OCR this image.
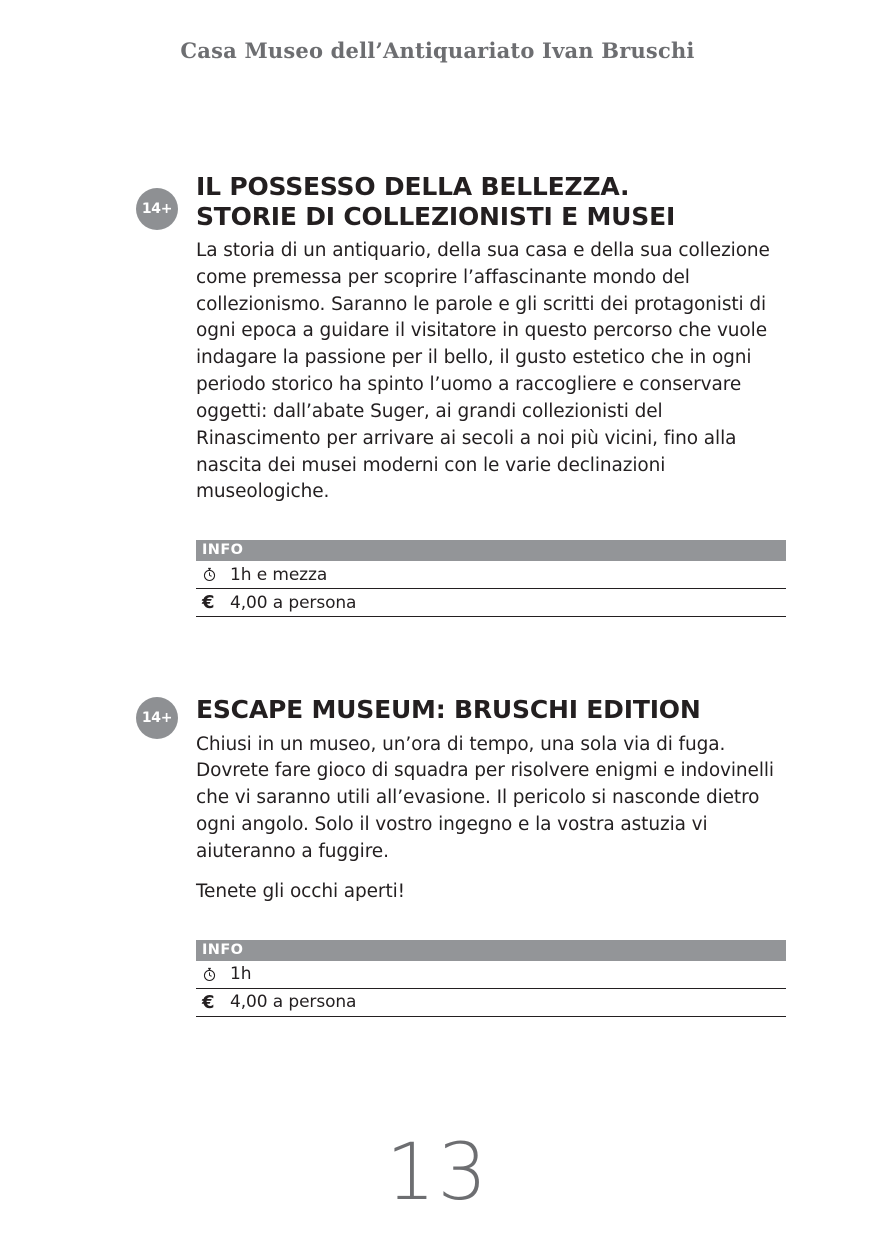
Casa Museo dell’Antiquariato Ivan Bruschi
14+
IL POSSESSO DELLA BELLEZZA.
STORIE DI COLLEZIONISTI E MUSEI

La storia di un antiquario, della sua casa e della sua collezione come premessa per scoprire l’affascinante mondo del collezionismo. Saranno le parole e gli scritti dei protagonisti di ogni epoca a guidare il visitatore in questo percorso che vuole indagare la passione per il bello, il gusto estetico che in ogni periodo storico ha spinto l’uomo a raccogliere e conservare oggetti: dall’abate Suger, ai grandi collezionisti del Rinascimento per arrivare ai secoli a noi più vicini, fino alla nascita dei musei moderni con le varie declinazioni museologiche.

INFO
1h e mezza
€ 4,00 a persona
14+ ESCAPE MUSEUM: BRUSCHI EDITION

Chiusi in un museo, un’ora di tempo, una sola via di fuga. Dovrete fare gioco di squadra per risolvere enigmi e indovinelli che vi saranno utili all’evasione. Il pericolo si nasconde dietro ogni angolo. Solo il vostro ingegno e la vostra astuzia vi aiuteranno a fuggire.

Tenete gli occhi aperti!

INFO
1h
€ 4,00 a persona
13
